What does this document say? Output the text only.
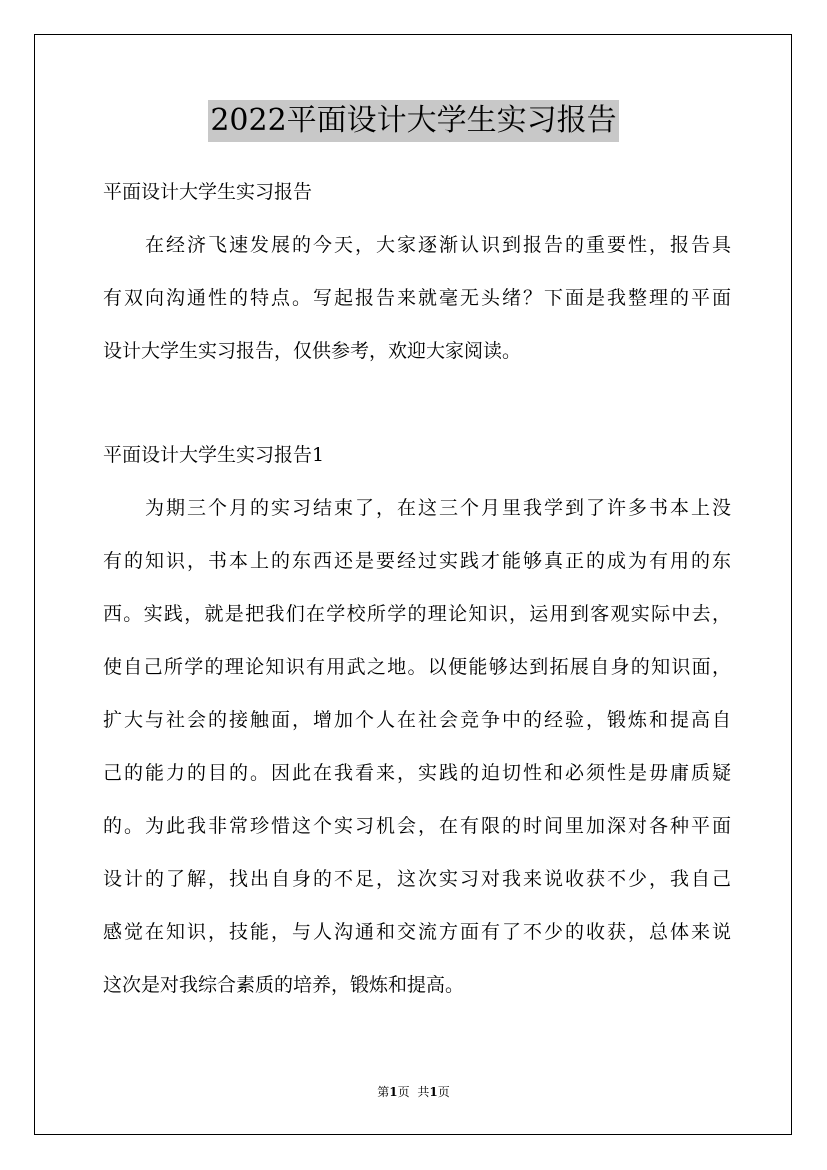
2022平面设计大学生实习报告
平面设计大学生实习报告
在经济飞速发展的今天，大家逐渐认识到报告的重要性，报告具
有双向沟通性的特点。写起报告来就毫无头绪？下面是我整理的平面
设计大学生实习报告，仅供参考，欢迎大家阅读。
平面设计大学生实习报告1
为期三个月的实习结束了，在这三个月里我学到了许多书本上没
有的知识，书本上的东西还是要经过实践才能够真正的成为有用的东
西。实践，就是把我们在学校所学的理论知识，运用到客观实际中去，
使自己所学的理论知识有用武之地。以便能够达到拓展自身的知识面，
扩大与社会的接触面，增加个人在社会竞争中的经验，锻炼和提高自
己的能力的目的。因此在我看来，实践的迫切性和必须性是毋庸质疑
的。为此我非常珍惜这个实习机会，在有限的时间里加深对各种平面
设计的了解，找出自身的不足，这次实习对我来说收获不少，我自己
感觉在知识，技能，与人沟通和交流方面有了不少的收获，总体来说
这次是对我综合素质的培养，锻炼和提高。
第1页 共1页
